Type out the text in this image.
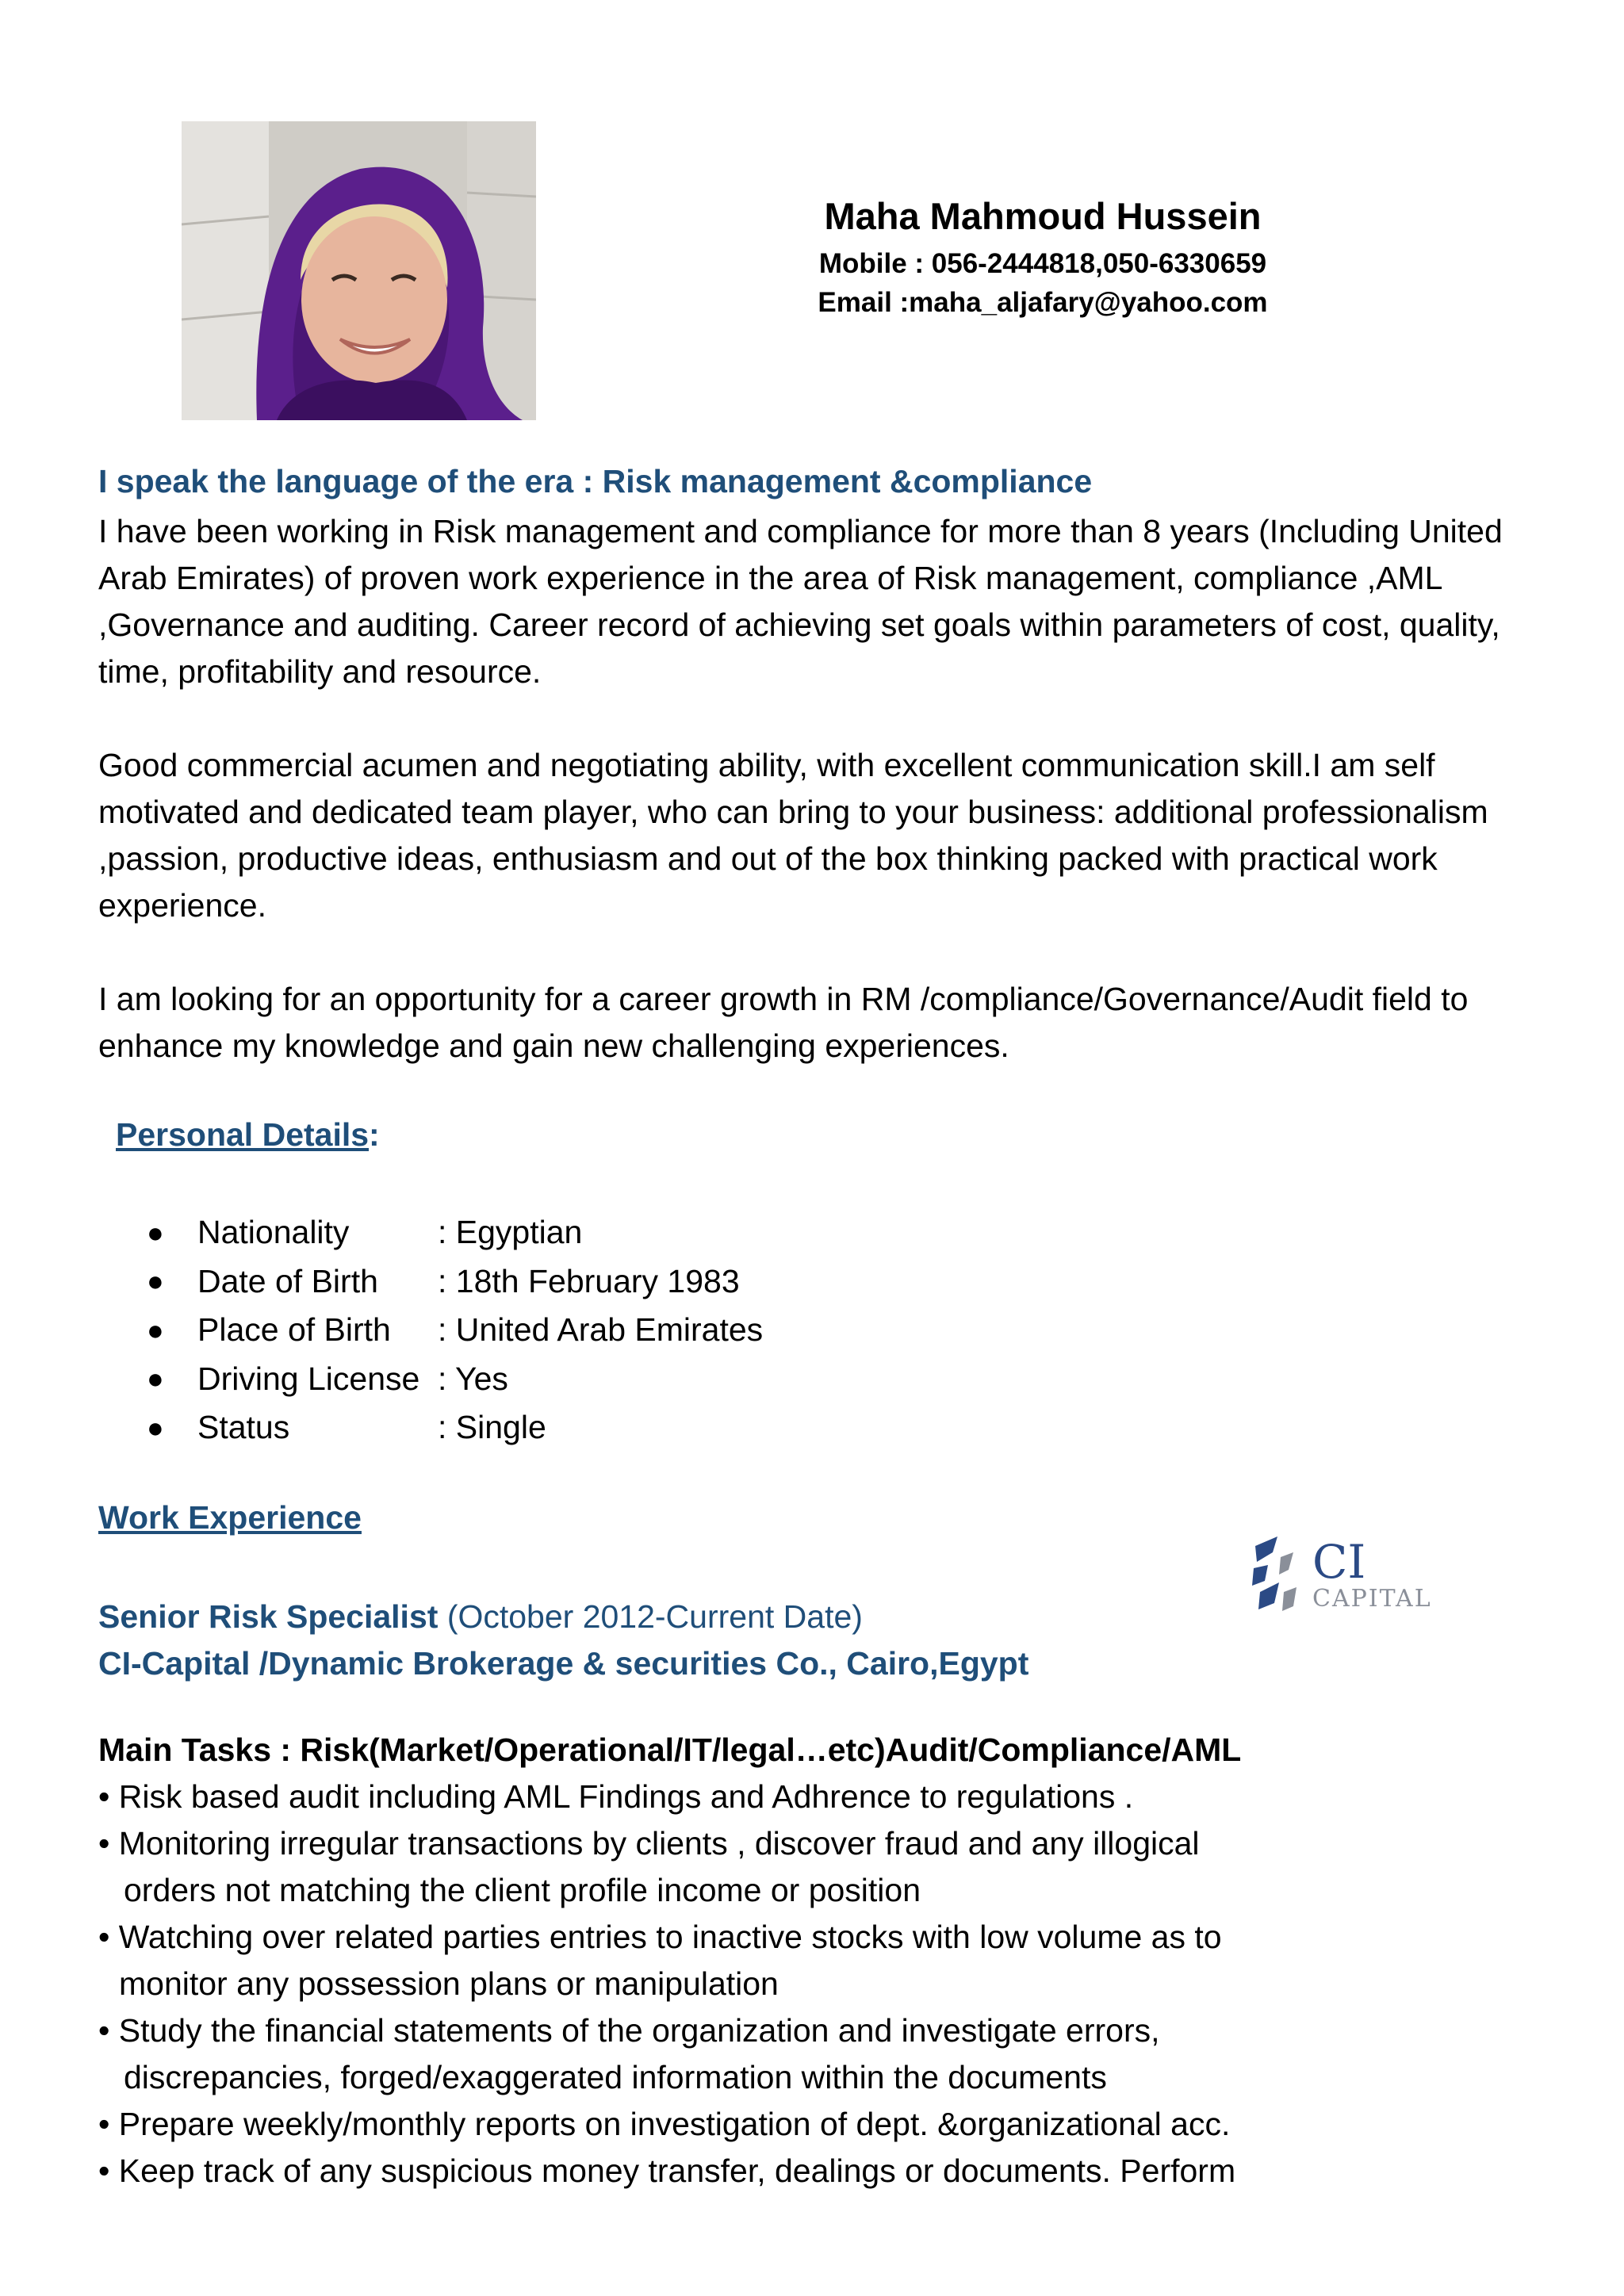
Maha Mahmoud Hussein
Mobile : 056-2444818,050-6330659
Email :maha_aljafary@yahoo.com
I speak the language of the era : Risk management &compliance

I have been working in Risk management and compliance for more than 8 years (Including United Arab Emirates) of proven work experience in the area of Risk management, compliance ,AML ,Governance and auditing. Career record of achieving set goals within parameters of cost, quality, time, profitability and resource.

Good commercial acumen and negotiating ability, with excellent communication skill.I am self motivated and dedicated team player, who can bring to your business: additional professionalism ,passion, productive ideas, enthusiasm and out of the box thinking packed with practical work experience.

I am looking for an opportunity for a career growth in RM /compliance/Governance/Audit field to enhance my knowledge and gain new challenging experiences.

Personal Details:
●	Nationality	: Egyptian
●	Date of Birth	: 18th February 1983
●	Place of Birth	: United Arab Emirates
●	Driving License : Yes
●	Status	: Single
Work Experience
CI
CAPITAL
Senior Risk Specialist (October 2012-Current Date)
CI-Capital /Dynamic Brokerage & securities Co., Cairo,Egypt
Main Tasks : Risk(Market/Operational/IT/legal…etc)Audit/Compliance/AML
• Risk based audit including AML Findings and Adhrence to regulations .
• Monitoring irregular transactions by clients , discover fraud and any illogical
orders not matching the client profile income or position
• Watching over related parties entries to inactive stocks with low volume as to
monitor any possession plans or manipulation
• Study the financial statements of the organization and investigate errors,
discrepancies, forged/exaggerated information within the documents
• Prepare weekly/monthly reports on investigation of dept. &organizational acc.
• Keep track of any suspicious money transfer, dealings or documents. Perform
